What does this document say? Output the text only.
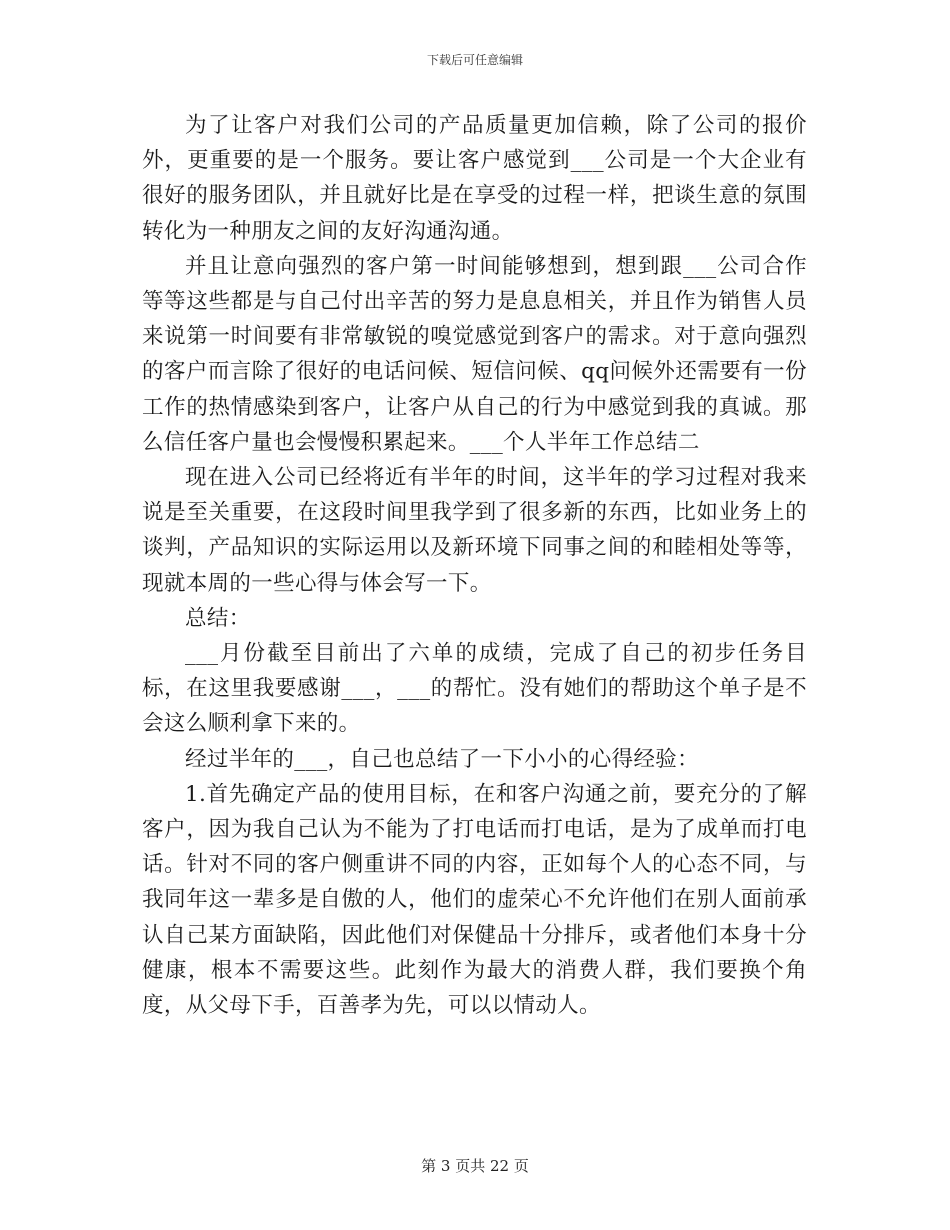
下载后可任意编辑

为了让客户对我们公司的产品质量更加信赖，除了公司的报价外，更重要的是一个服务。要让客户感觉到___公司是一个大企业有很好的服务团队，并且就好比是在享受的过程一样，把谈生意的氛围转化为一种朋友之间的友好沟通沟通。

并且让意向强烈的客户第一时间能够想到，想到跟___公司合作等等这些都是与自己付出辛苦的努力是息息相关，并且作为销售人员来说第一时间要有非常敏锐的嗅觉感觉到客户的需求。对于意向强烈的客户而言除了很好的电话问候、短信问候、qq问候外还需要有一份工作的热情感染到客户，让客户从自己的行为中感觉到我的真诚。那么信任客户量也会慢慢积累起来。___个人半年工作总结二

现在进入公司已经将近有半年的时间，这半年的学习过程对我来说是至关重要，在这段时间里我学到了很多新的东西，比如业务上的谈判，产品知识的实际运用以及新环境下同事之间的和睦相处等等，现就本周的一些心得与体会写一下。

总结：

___月份截至目前出了六单的成绩，完成了自己的初步任务目标，在这里我要感谢___，___的帮忙。没有她们的帮助这个单子是不会这么顺利拿下来的。

经过半年的___，自己也总结了一下小小的心得经验：

1.首先确定产品的使用目标，在和客户沟通之前，要充分的了解客户，因为我自己认为不能为了打电话而打电话，是为了成单而打电话。针对不同的客户侧重讲不同的内容，正如每个人的心态不同，与我同年这一辈多是自傲的人，他们的虚荣心不允许他们在别人面前承认自己某方面缺陷，因此他们对保健品十分排斥，或者他们本身十分健康，根本不需要这些。此刻作为最大的消费人群，我们要换个角度，从父母下手，百善孝为先，可以以情动人。

第 3 页共 22 页
